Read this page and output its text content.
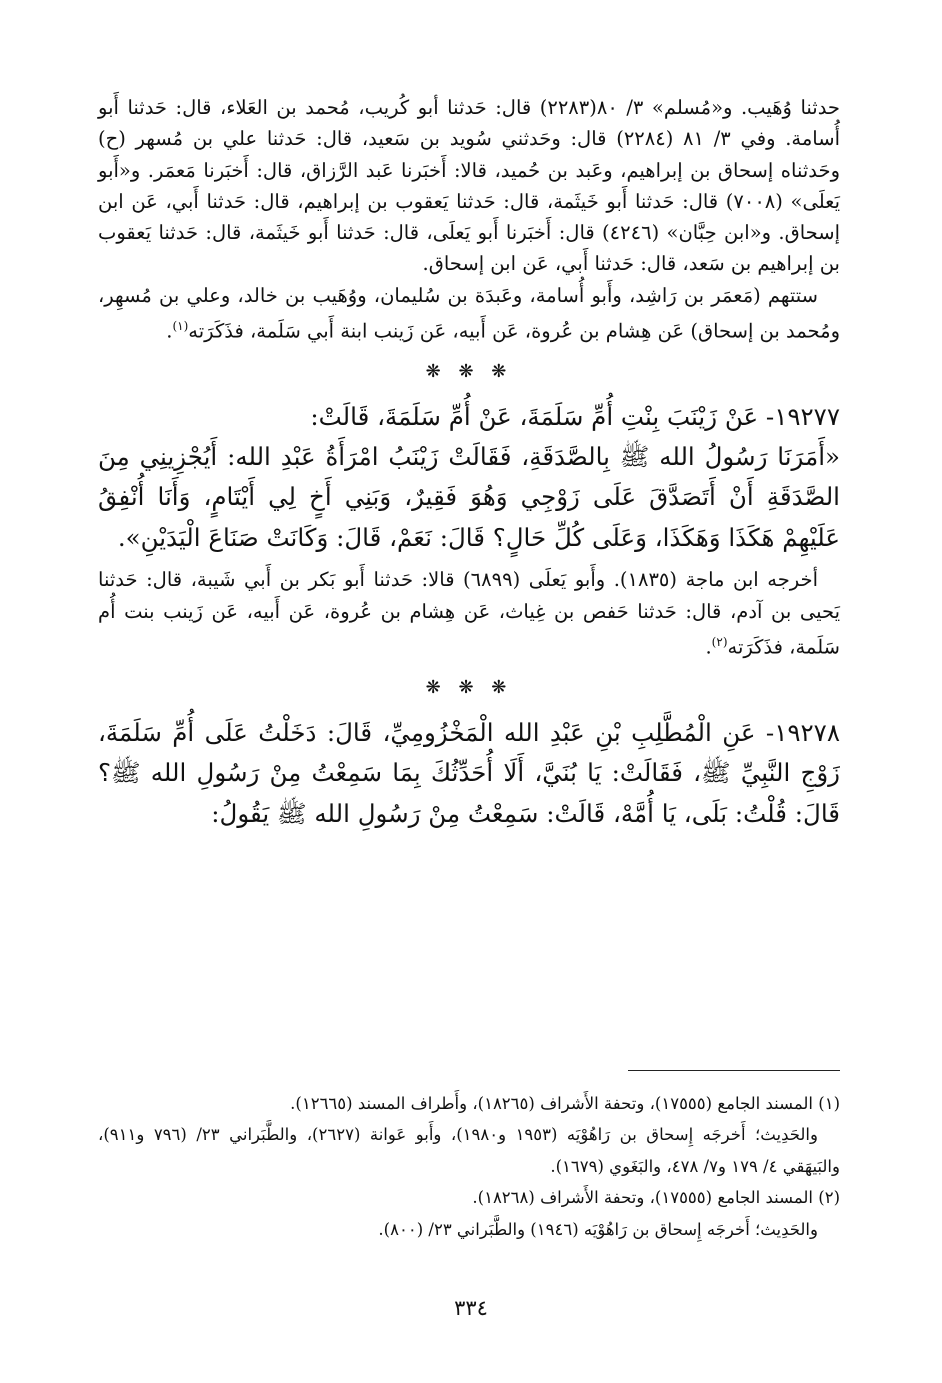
حدثنا وُهَيب. و«مُسلم» ٣/ ٨٠(٢٢٨٣) قال: حَدثنا أبو كُريب، مُحمد بن العَلاء، قال: حَدثنا أَبو أُسامة. وفي ٣/ ٨١ (٢٢٨٤) قال: وحَدثني سُويد بن سَعيد، قال: حَدثنا علي بن مُسهر (ح) وحَدثناه إسحاق بن إبراهيم، وعَبد بن حُميد، قالا: أَخبَرنا عَبد الرَّزاق، قال: أَخبَرنا مَعمَر. و«أَبو يَعلَى» (٧٠٠٨) قال: حَدثنا أَبو خَيثَمة، قال: حَدثنا يَعقوب بن إبراهيم، قال: حَدثنا أَبي، عَن ابن إسحاق. و«ابن حِبَّان» (٤٢٤٦) قال: أَخبَرنا أَبو يَعلَى، قال: حَدثنا أَبو خَيثَمة، قال: حَدثنا يَعقوب بن إبراهيم بن سَعد، قال: حَدثنا أَبي، عَن ابن إسحاق.

ستتهم (مَعمَر بن رَاشِد، وأَبو أُسامة، وعَبدَة بن سُليمان، ووُهَيب بن خالد، وعلي بن مُسهِر، ومُحمد بن إسحاق) عَن هِشام بن عُروة، عَن أَبيه، عَن زَينب ابنة أَبي سَلَمة، فذَكَرَته$^{(١)}$.

❋ ❋ ❋

١٩٢٧٧- عَنْ زَيْنَبَ بِنْتِ أُمِّ سَلَمَةَ، عَنْ أُمِّ سَلَمَةَ، قَالَتْ:

«أَمَرَنَا رَسُولُ الله ﷺ بِالصَّدَقَةِ، فَقَالَتْ زَيْنَبُ امْرَأَةُ عَبْدِ الله: أَيُجْزِينِي مِنَ الصَّدَقَةِ أَنْ أَتَصَدَّقَ عَلَى زَوْجِي وَهُوَ فَقِيرٌ، وَبَنِي أَخٍ لِي أَيْتَامٍ، وَأَنَا أُنْفِقُ عَلَيْهِمْ هَكَذَا وَهَكَذَا، وَعَلَى كُلِّ حَالٍ؟ قَالَ: نَعَمْ، قَالَ: وَكَانَتْ صَنَاعَ الْيَدَيْنِ».

أخرجه ابن ماجة (١٨٣٥). وأَبو يَعلَى (٦٨٩٩) قالا: حَدثنا أَبو بَكر بن أَبي شَيبة، قال: حَدثنا يَحيى بن آدم، قال: حَدثنا حَفص بن غِياث، عَن هِشام بن عُروة، عَن أَبيه، عَن زَينب بنت أُم سَلَمة، فذَكَرَته$^{(٢)}$.

❋ ❋ ❋

١٩٢٧٨- عَنِ الْمُطَّلِبِ بْنِ عَبْدِ الله الْمَخْزُومِيِّ، قَالَ: دَخَلْتُ عَلَى أُمِّ سَلَمَةَ، زَوْجِ النَّبِيِّ ﷺ، فَقَالَتْ: يَا بُنَيَّ، أَلَا أُحَدِّثُكَ بِمَا سَمِعْتُ مِنْ رَسُولِ الله ﷺ؟ قَالَ: قُلْتُ: بَلَى، يَا أُمَّهْ، قَالَتْ: سَمِعْتُ مِنْ رَسُولِ الله ﷺ يَقُولُ:

(١) المسند الجامع (١٧٥٥٥)، وتحفة الأَشراف (١٨٢٦٥)، وأَطراف المسند (١٢٦٦٥).

والحَدِيث؛ أَخرجَه إِسحاق بن رَاهُوْيَه (١٩٥٣ و١٩٨٠)، وأَبو عَوانة (٢٦٢٧)، والطَّبَراني ٢٣/ (٧٩٦ و٩١١)، والبَيهَقي ٤/ ١٧٩ و٧/ ٤٧٨، والبَغَوي (١٦٧٩).

(٢) المسند الجامع (١٧٥٥٥)، وتحفة الأَشراف (١٨٢٦٨).

والحَدِيث؛ أَخرجَه إِسحاق بن رَاهُوْيَه (١٩٤٦) والطَّبَراني ٢٣/ (٨٠٠).

٣٣٤
